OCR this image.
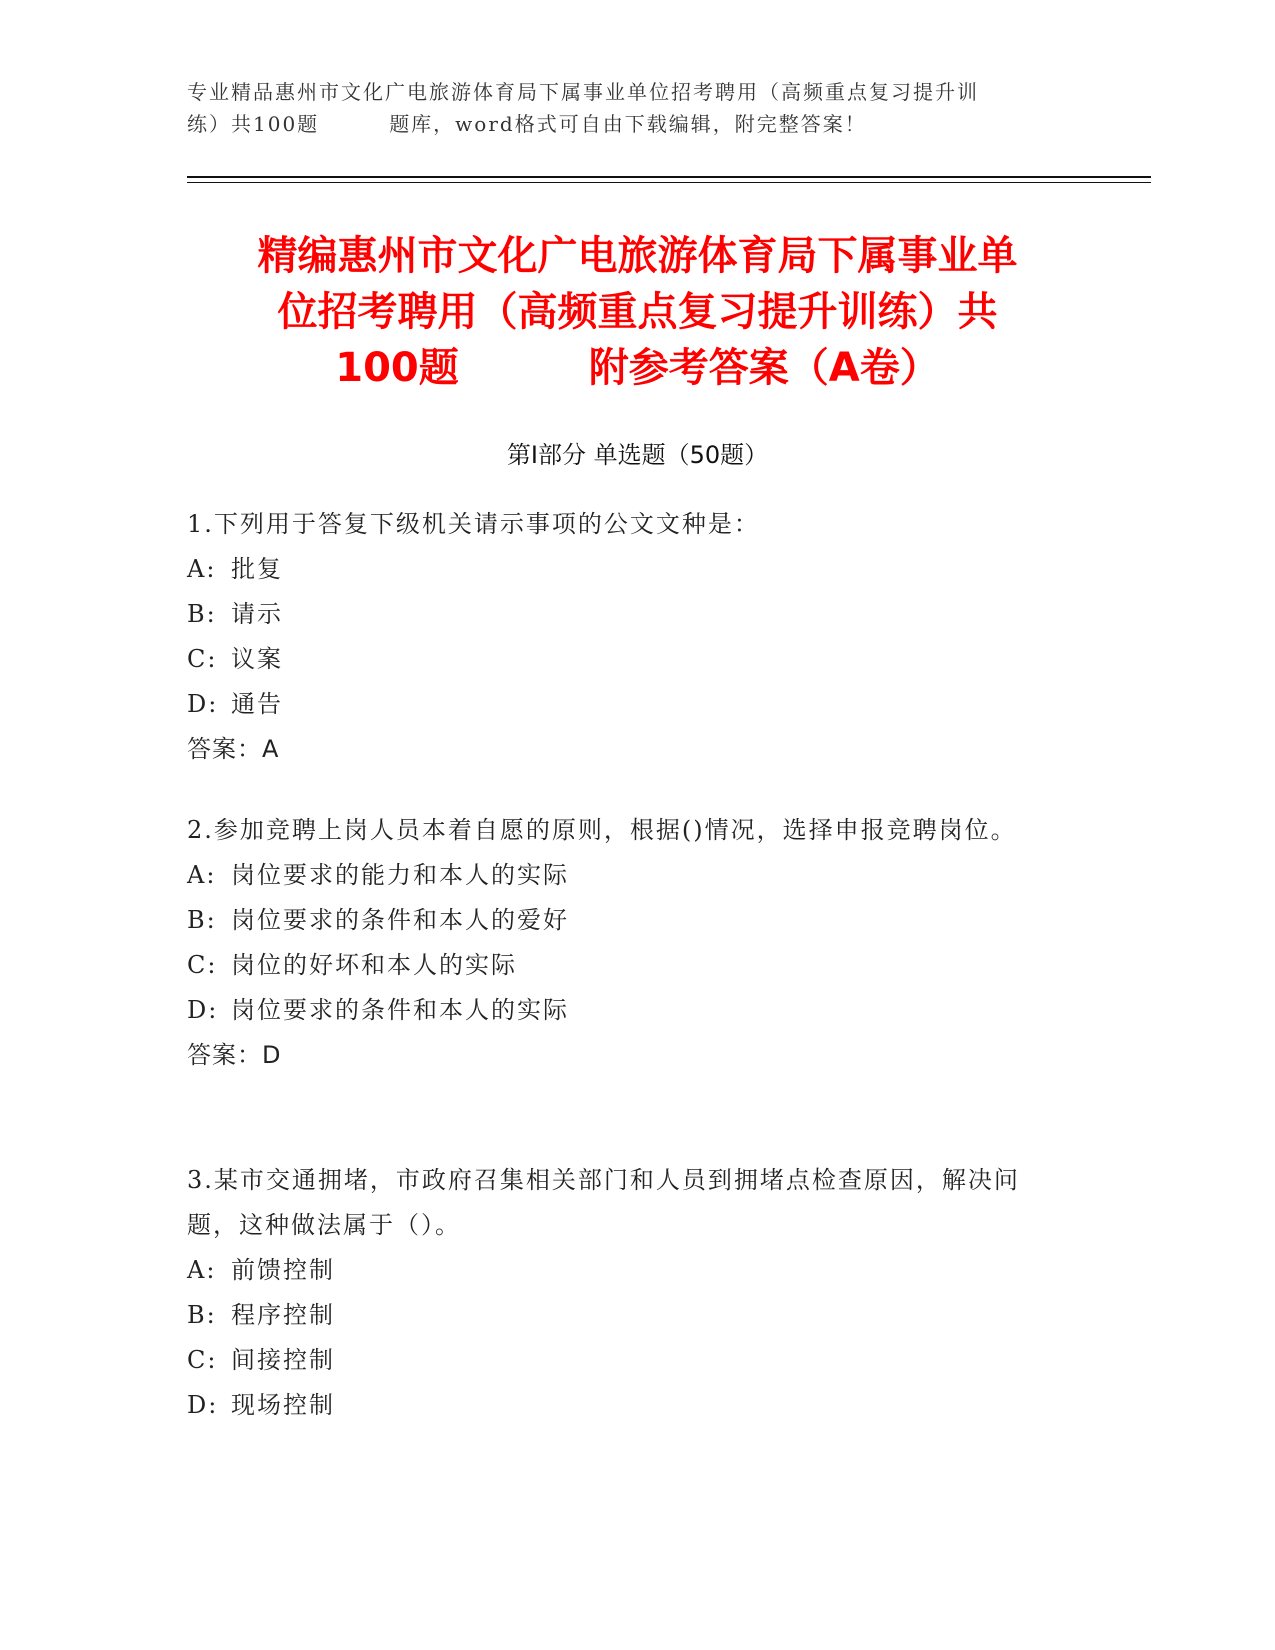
专业精品惠州市文化广电旅游体育局下属事业单位招考聘用（高频重点复习提升训
练）共100题	题库，word格式可自由下载编辑，附完整答案！
精编惠州市文化广电旅游体育局下属事业单
位招考聘用（高频重点复习提升训练）共
100题	附参考答案（A卷）
第Ⅰ部分 单选题（50题）

1.下列用于答复下级机关请示事项的公文文种是：

A: 批复
B: 请示
C: 议案
D: 通告
答案：A

2.参加竞聘上岗人员本着自愿的原则，根据()情况，选择申报竞聘岗位。

A: 岗位要求的能力和本人的实际
B: 岗位要求的条件和本人的爱好
C: 岗位的好坏和本人的实际
D: 岗位要求的条件和本人的实际
答案：D

3.某市交通拥堵，市政府召集相关部门和人员到拥堵点检查原因，解决问题，这种做法属于（）。

A: 前馈控制
B: 程序控制
C: 间接控制
D: 现场控制
